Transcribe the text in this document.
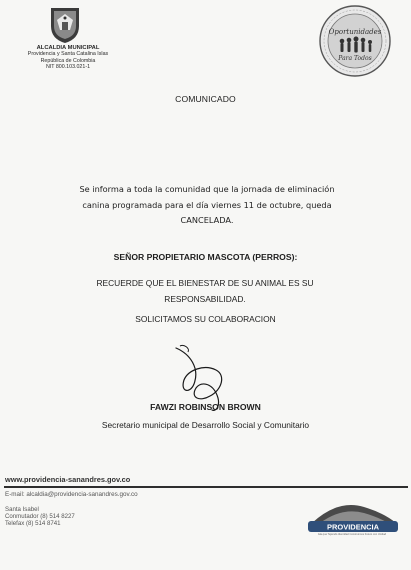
ALCALDIA MUNICIPAL
Providencia y Santa Catalina Islas
República de Colombia
NIT 800.103.021-1
Oportunidades
Para Todos
COMUNICADO
Se informa a toda la comunidad que la jornada de eliminación
canina programada para el día viernes 11 de octubre, queda
CANCELADA.
SEÑOR PROPIETARIO MASCOTA (PERROS):
RECUERDE QUE EL BIENESTAR DE SU ANIMAL ES SU
RESPONSABILIDAD.
SOLICITAMOS SU COLABORACION
FAWZI ROBINSON BROWN
Secretario municipal de Desarrollo Social y Comunitario
www.providencia-sanandres.gov.co
E-mail: alcaldia@providencia-sanandres.gov.co
Santa Isabel
Conmutador (8) 514 8227
Telefax (8) 514 8741	PROVIDENCIA
Isla que Tejiendo Identidad Construimos Futuro con Unidad
